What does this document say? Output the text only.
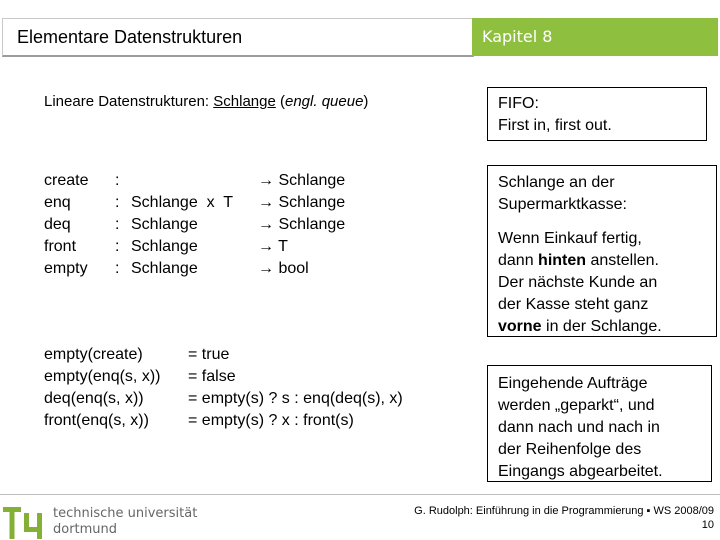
Elementare Datenstrukturen	Kapitel 8
Lineare Datenstrukturen: Schlange (engl. queue)
create
enq
deq
front
empty
:
:
:
:
:

Schlange  x  T
Schlange
Schlange
Schlange
→ Schlange
→ Schlange
→ Schlange
→ T
→ bool
empty(create)
empty(enq(s, x))
deq(enq(s, x))
front(enq(s, x))
= true
= false
= empty(s) ? s : enq(deq(s), x)
= empty(s) ? x : front(s)
FIFO:
First in, first out.
Schlange an der
Supermarktkasse:
Wenn Einkauf fertig,
dann hinten anstellen.
Der nächste Kunde an
der Kasse steht ganz
vorne in der Schlange.
Eingehende Aufträge
werden „geparkt“, und
dann nach und nach in
der Reihenfolge des
Eingangs abgearbeitet.
technische universität
dortmund
G. Rudolph: Einführung in die Programmierung ▪ WS 2008/09
10
